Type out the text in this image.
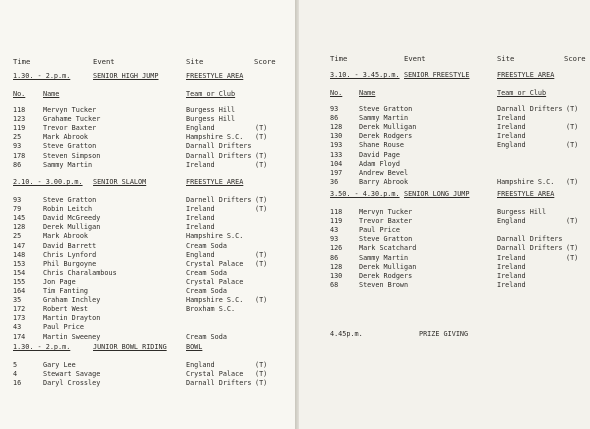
Time	Event	Site	Score
1.30. - 2.p.m.	SENIOR HIGH JUMP	FREESTYLE AREA
No.	Name	Team or Club
118	Mervyn Tucker	Burgess Hill
123	Grahame Tucker	Burgess Hill
119	Trevor Baxter	England	(T)
25	Mark Abrook	Hampshire S.C. (T)
93	Steve Gratton	Darnall Drifters
178	Steven Simpson	Darnall Drifters (T)
86	Sammy Martin	Ireland	(T)
2.10. - 3.00.p.m. SENIOR SLALOM	FREESTYLE AREA
93	Steve Gratton	Darnell Drifters (T)
79	Robin Leitch	Ireland	(T)
145	David McGreedy	Ireland
128	Derek Mulligan	Ireland
25	Mark Abrook	Hampshire S.C.
147	David Barrett	Cream Soda
148	Chris Lynford	England	(T)
153	Phil Burgoyne	Crystal Palace (T)
154	Chris Charalambous	Cream Soda
155	Jon Page	Crystal Palace
164	Tim Fanting	Cream Soda
35	Graham Inchley	Hampshire S.C. (T)
172	Robert West	Broxham S.C.
173	Martin Drayton
43	Paul Price
174	Martin Sweeney	Cream Soda
1.30. - 2.p.m.	JUNIOR BOWL RIDING	BOWL
5	Gary Lee	England	(T)
4	Stewart Savage	Crystal Palace (T)
16	Daryl Crossley	Darnall Drifters (T)
Time	Event	Site	Score
3.10. - 3.45.p.m. SENIOR FREESTYLE	FREESTYLE AREA
No. Name	Team or Club
93	Steve Gratton	Darnall Drifters (T)
86	Sammy Martin	Ireland
128 Derek Mulligan	Ireland	(T)
130 Derek Rodgers	Ireland
193 Shane Rouse	England	(T)
133 David Page
104 Adam Floyd
197 Andrew Bevel
36	Barry Abrook	Hampshire S.C. (T)
3.50. - 4.30.p.m. SENIOR LONG JUMP	FREESTYLE AREA
118 Mervyn Tucker	Burgess Hill
119 Trevor Baxter	England	(T)
43	Paul Price
93	Steve Gratton	Darnall Drifters
126 Mark Scatchard	Darnall Drifters (T)
86	Sammy Martin	Ireland	(T)
128 Derek Mulligan	Ireland
130 Derek Rodgers	Ireland
68	Steven Brown	Ireland
4.45p.m.	PRIZE GIVING
